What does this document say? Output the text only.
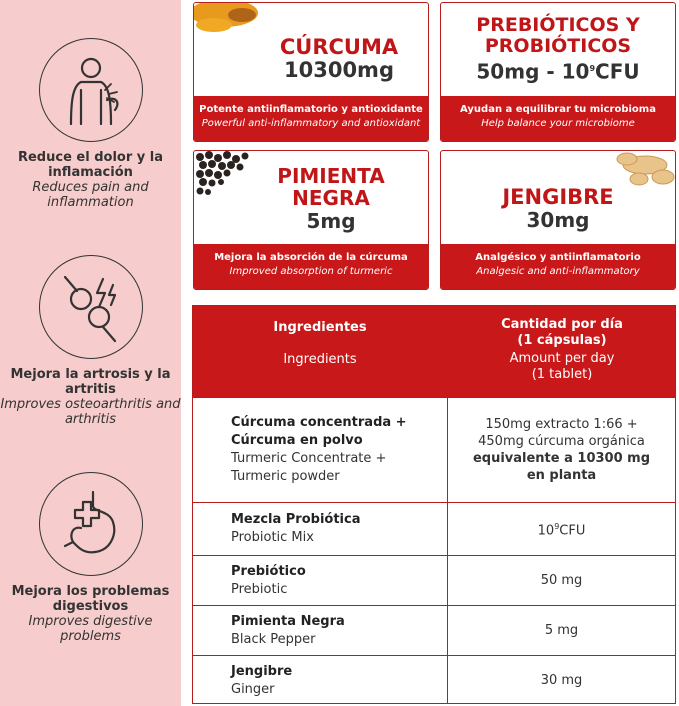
Reduce el dolor y la inflamación
Reduces pain and inflammation
Mejora la artrosis y la artritis
Improves osteoarthritis and arthritis
Mejora los problemas digestivos
Improves digestive problems
CÚRCUMA
10300mg
Potente antiinflamatorio y antioxidante
Powerful anti-inflammatory and antioxidant
PREBIÓTICOS Y
PROBIÓTICOS
$50mg - 10^9CFU$
Ayudan a equilibrar tu microbioma
Help balance your microbiome
PIMIENTA
NEGRA
5mg
Mejora la absorción de la cúrcuma
Improved absorption of turmeric
JENGIBRE
30mg
Analgésico y antiinflamatorio
Analgesic and anti-inflammatory
Ingredientes
Ingredients
Cantidad por día
(1 cápsulas)
Amount per day
(1 tablet)
Cúrcuma concentrada +
Cúrcuma en polvo
Turmeric Concentrate +
Turmeric powder
150mg extracto 1:66 +
450mg cúrcuma orgánica
equivalente a 10300 mg
en planta
Mezcla Probiótica
Probiotic Mix	$10^9CFU$
Prebiótico
Prebiotic
50 mg
Pimienta Negra
Black Pepper
5 mg
Jengibre
Ginger
30 mg
